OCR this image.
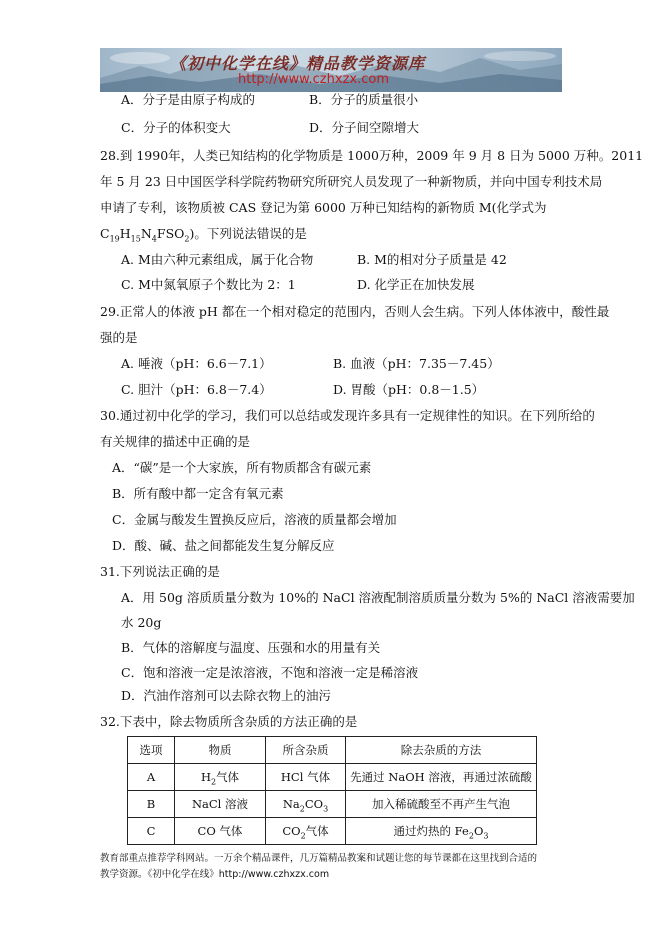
《初中化学在线》精品教学资源库
http://www.czhxzx.com
A．分子是由原子构成的	B．分子的质量很小
C．分子的体积变大	D．分子间空隙增大
28.到 1990年，人类已知结构的化学物质是 1000万种，2009 年 9 月 8 日为 5000 万种。2011
年 5 月 23 日中国医学科学院药物研究所研究人员发现了一种新物质，并向中国专利技术局
申请了专利，该物质被 CAS 登记为第 6000 万种已知结构的新物质 M(化学式为
$C_{19}H_{15}N_4FSO_2$)。下列说法错误的是
A. M由六种元素组成，属于化合物	B. M的相对分子质量是 42
C. M中氮氧原子个数比为 2：1	D. 化学正在加快发展
29.正常人的体液 pH 都在一个相对稳定的范围内，否则人会生病。下列人体体液中，酸性最
强的是
A. 唾液（pH：6.6－7.1）	B. 血液（pH：7.35－7.45）
C. 胆汁（pH：6.8－7.4）	D. 胃酸（pH：0.8－1.5）
30.通过初中化学的学习，我们可以总结或发现许多具有一定规律性的知识。在下列所给的
有关规律的描述中正确的是
A．“碳”是一个大家族，所有物质都含有碳元素
B．所有酸中都一定含有氧元素
C．金属与酸发生置换反应后，溶液的质量都会增加
D．酸、碱、盐之间都能发生复分解反应
31.下列说法正确的是
A．用 50g 溶质质量分数为 10%的 NaCl 溶液配制溶质质量分数为 5%的 NaCl 溶液需要加
水 20g
B．气体的溶解度与温度、压强和水的用量有关
C．饱和溶液一定是浓溶液，不饱和溶液一定是稀溶液
D．汽油作溶剂可以去除衣物上的油污
32.下表中，除去物质所含杂质的方法正确的是
选项	物质	所含杂质	除去杂质的方法
A	$H_2$气体	HCl 气体	先通过 NaOH 溶液，再通过浓硫酸
B	NaCl 溶液	$Na_2CO_3$	加入稀硫酸至不再产生气泡
C	CO 气体	$CO_2$气体	通过灼热的 $Fe_2O_3$
教育部重点推荐学科网站。一万余个精品课件，几万篇精品教案和试题让您的每节课都在这里找到合适的
教学资源。《初中化学在线》http://www.czhxzx.com
